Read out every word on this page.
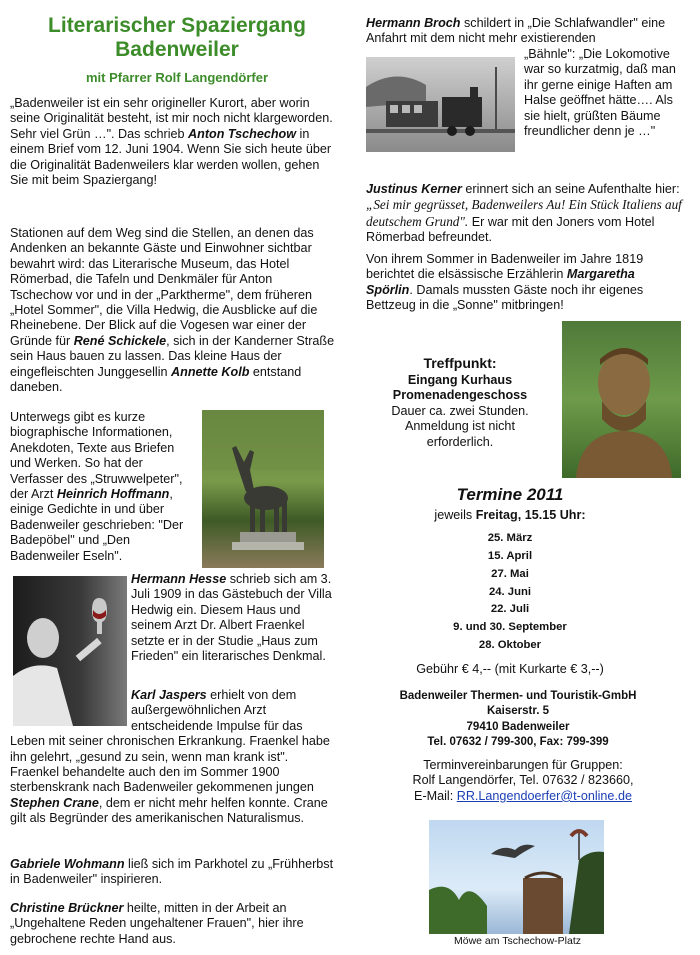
Literarischer Spaziergang
Badenweiler
mit Pfarrer Rolf Langendörfer

„Badenweiler ist ein sehr origineller Kurort, aber worin seine Originalität besteht, ist mir noch nicht klargeworden. Sehr viel Grün …". Das schrieb Anton Tschechow in einem Brief vom 12. Juni 1904. Wenn Sie sich heute über die Originalität Badenweilers klar werden wollen, gehen Sie mit beim Spaziergang!

Stationen auf dem Weg sind die Stellen, an denen das Andenken an bekannte Gäste und Einwohner sichtbar bewahrt wird: das Literarische Museum, das Hotel Römerbad, die Tafeln und Denkmäler für Anton Tschechow vor und in der „Parktherme", dem früheren „Hotel Sommer", die Villa Hedwig, die Ausblicke auf die Rheinebene. Der Blick auf die Vogesen war einer der Gründe für René Schickele, sich in der Kanderner Straße sein Haus bauen zu lassen. Das kleine Haus der eingefleischten Junggesellin Annette Kolb entstand daneben.

Unterwegs gibt es kurze biographische Informationen, Anekdoten, Texte aus Briefen und Werken. So hat der Verfasser des „Struwwelpeter", der Arzt Heinrich Hoffmann, einige Gedichte in und über Badenweiler geschrieben: "Der Badepöbel" und „Den Badenweiler Eseln".

Hermann Hesse schrieb sich am 3. Juli 1909 in das Gästebuch der Villa Hedwig ein. Diesem Haus und seinem Arzt Dr. Albert Fraenkel setzte er in der Studie „Haus zum Frieden" ein literarisches Denkmal.

Karl Jaspers erhielt von dem außergewöhnlichen Arzt entscheidende Impulse für das Leben mit seiner chronischen Erkrankung. Fraenkel habe ihn gelehrt, „gesund zu sein, wenn man krank ist". Fraenkel behandelte auch den im Sommer 1900 sterbenskrank nach Badenweiler gekommenen jungen Stephen Crane, dem er nicht mehr helfen konnte. Crane gilt als Begründer des amerikanischen Naturalismus.

Gabriele Wohmann ließ sich im Parkhotel zu „Frühherbst in Badenweiler" inspirieren.

Christine Brückner heilte, mitten in der Arbeit an „Ungehaltene Reden ungehaltener Frauen", hier ihre gebrochene rechte Hand aus.

Hermann Broch schildert in „Die Schlafwandler" eine Anfahrt mit dem nicht mehr existierenden

„Bähnle": „Die Lokomotive war so kurzatmig, daß man ihr gerne einige Haften am Halse geöffnet hätte…. Als sie hielt, grüßten Bäume freundlicher denn je …"

Justinus Kerner erinnert sich an seine Aufenthalte hier: „Sei mir gegrüsset, Badenweilers Au! Ein Stück Italiens auf deutschem Grund". Er war mit den Joners vom Hotel Römerbad befreundet.

Von ihrem Sommer in Badenweiler im Jahre 1819 berichtet die elsässische Erzählerin Margaretha Spörlin. Damals mussten Gäste noch ihr eigenes Bettzeug in die „Sonne" mitbringen!

Treffpunkt:
Eingang Kurhaus
Promenadengeschoss
Dauer ca. zwei Stunden.
Anmeldung ist nicht
erforderlich.
Termine 2011
jeweils Freitag, 15.15 Uhr:
25. März
15. April
27. Mai
24. Juni
22. Juli
9. und 30. September
28. Oktober
Gebühr € 4,-- (mit Kurkarte € 3,--)
Badenweiler Thermen- und Touristik-GmbH
Kaiserstr. 5
79410 Badenweiler
Tel. 07632 / 799-300, Fax: 799-399
Terminvereinbarungen für Gruppen:
Rolf Langendörfer, Tel. 07632 / 823660,
E-Mail: RR.Langendoerfer@t-online.de
Möwe am Tschechow-Platz
